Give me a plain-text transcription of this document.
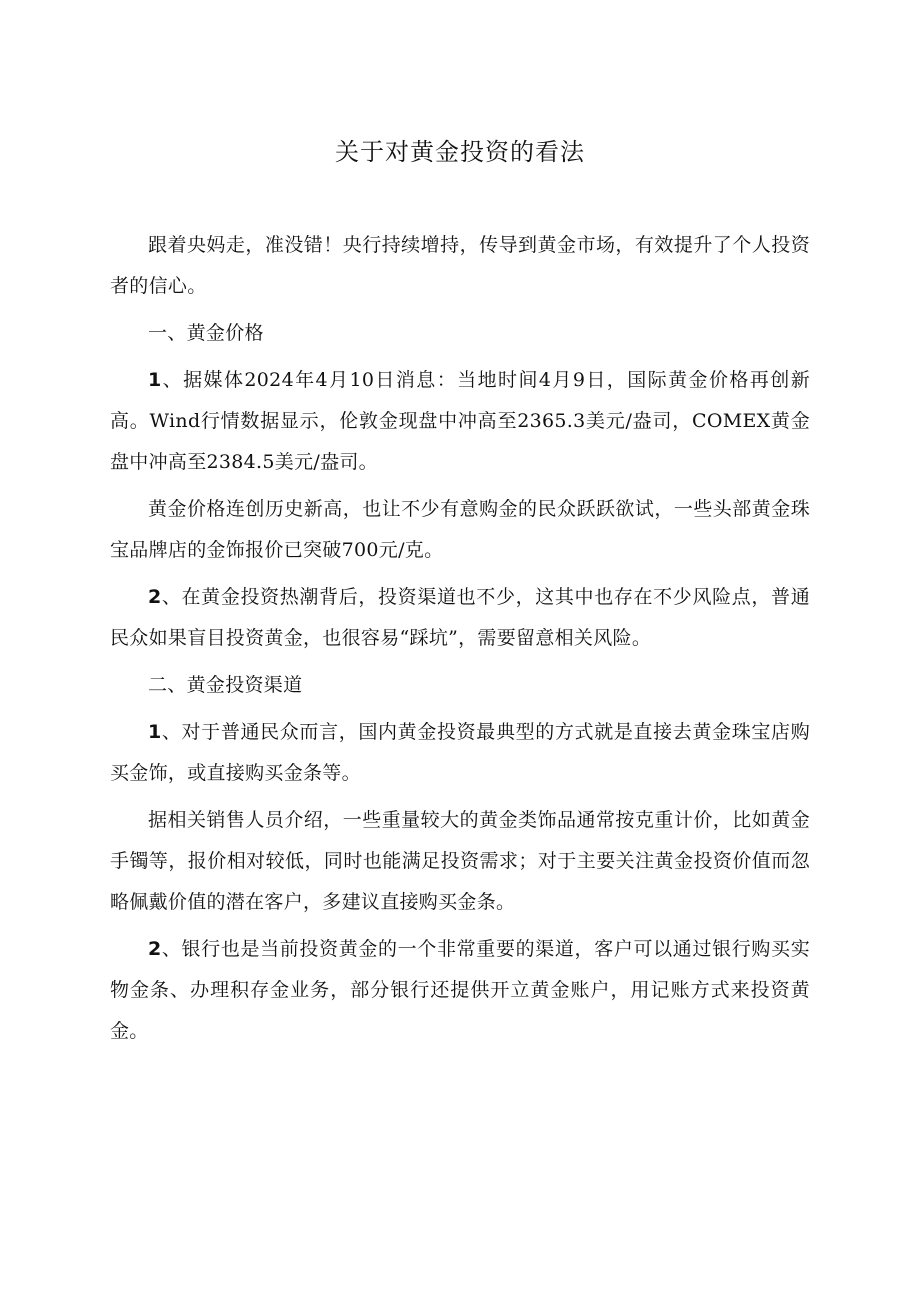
关于对黄金投资的看法

跟着央妈走，准没错！央行持续增持，传导到黄金市场，有效提升了个人投资者的信心。

一、黄金价格

1、据媒体2024年4月10日消息：当地时间4月9日，国际黄金价格再创新高。Wind行情数据显示，伦敦金现盘中冲高至2365.3美元/盎司，COMEX黄金盘中冲高至2384.5美元/盎司。

黄金价格连创历史新高，也让不少有意购金的民众跃跃欲试，一些头部黄金珠宝品牌店的金饰报价已突破700元/克。

2、在黄金投资热潮背后，投资渠道也不少，这其中也存在不少风险点，普通民众如果盲目投资黄金，也很容易“踩坑”，需要留意相关风险。

二、黄金投资渠道

1、对于普通民众而言，国内黄金投资最典型的方式就是直接去黄金珠宝店购买金饰，或直接购买金条等。

据相关销售人员介绍，一些重量较大的黄金类饰品通常按克重计价，比如黄金手镯等，报价相对较低，同时也能满足投资需求；对于主要关注黄金投资价值而忽略佩戴价值的潜在客户，多建议直接购买金条。

2、银行也是当前投资黄金的一个非常重要的渠道，客户可以通过银行购买实物金条、办理积存金业务，部分银行还提供开立黄金账户，用记账方式来投资黄金。
